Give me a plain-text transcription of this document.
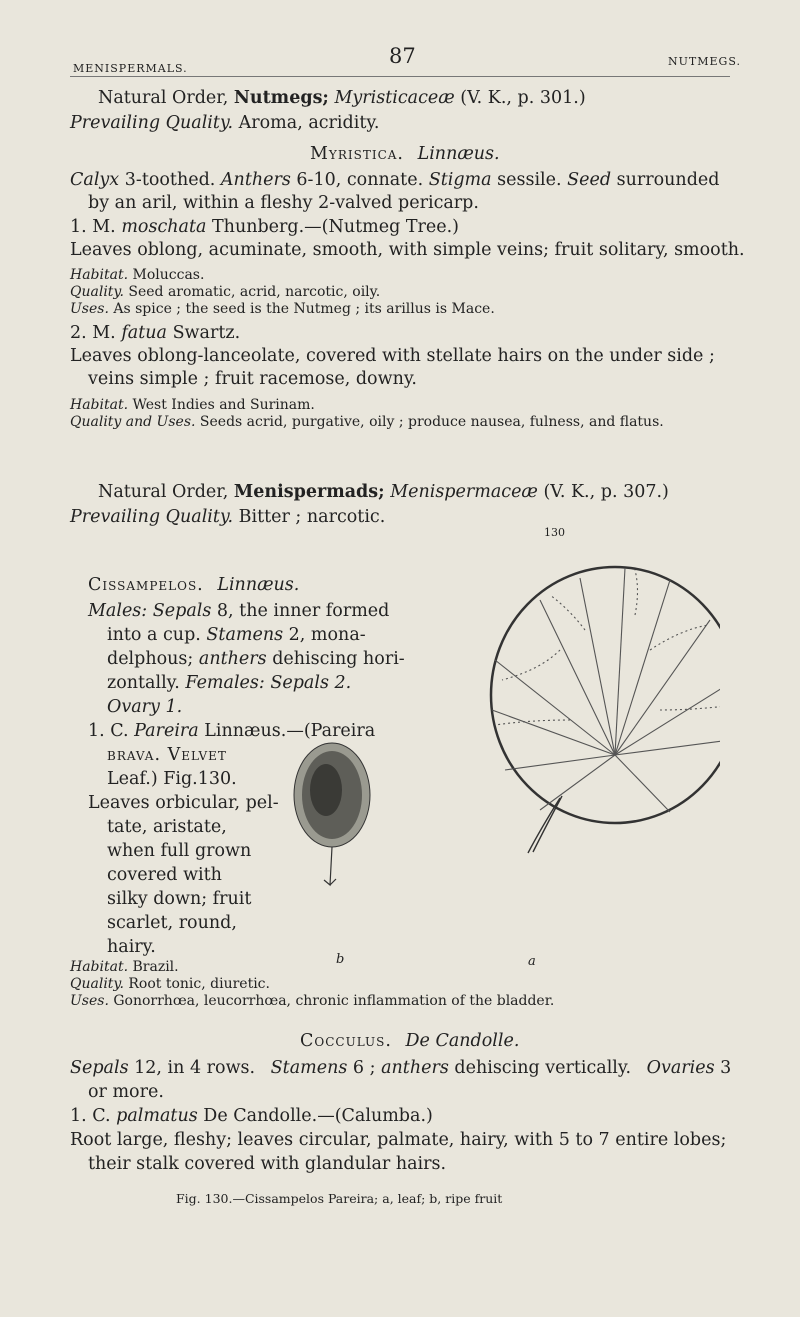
MENISPERMALS.
87	NUTMEGS.
Natural Order, Nutmegs; Myristicaceæ (V. K., p. 301.)
Prevailing Quality. Aroma, acridity.
Myristica. Linnæus.
Calyx 3-toothed. Anthers 6-10, connate. Stigma sessile. Seed surrounded
by an aril, within a fleshy 2-valved pericarp.
1. M. moschata Thunberg.—(Nutmeg Tree.)
Leaves oblong, acuminate, smooth, with simple veins; fruit solitary, smooth.
Habitat. Moluccas.
Quality. Seed aromatic, acrid, narcotic, oily.
Uses. As spice ; the seed is the Nutmeg ; its arillus is Mace.
2. M. fatua Swartz.
Leaves oblong-lanceolate, covered with stellate hairs on the under side ;
veins simple ; fruit racemose, downy.
Habitat. West Indies and Surinam.
Quality and Uses. Seeds acrid, purgative, oily ; produce nausea, fulness, and flatus.
Natural Order, Menispermads; Menispermaceæ (V. K., p. 307.)
Prevailing Quality. Bitter ; narcotic.
130
Cissampelos. Linnæus.
Males: Sepals 8, the inner formed
into a cup. Stamens 2, mona-
delphous; anthers dehiscing hori-
zontally. Females: Sepals 2.
Ovary 1.
1. C. Pareira Linnæus.—(Pareira
brava. Velvet
Leaf.) Fig.130.
Leaves orbicular, pel-
tate, aristate,
when full grown
covered with
silky down; fruit
scarlet, round,
hairy.
b	a
Habitat. Brazil.
Quality. Root tonic, diuretic.
Uses. Gonorrhœa, leucorrhœa, chronic inflammation of the bladder.
Cocculus. De Candolle.
Sepals 12, in 4 rows. Stamens 6 ; anthers dehiscing vertically. Ovaries 3
or more.
1. C. palmatus De Candolle.—(Calumba.)
Root large, fleshy; leaves circular, palmate, hairy, with 5 to 7 entire lobes;
their stalk covered with glandular hairs.
Fig. 130.—Cissampelos Pareira; a, leaf; b, ripe fruit
